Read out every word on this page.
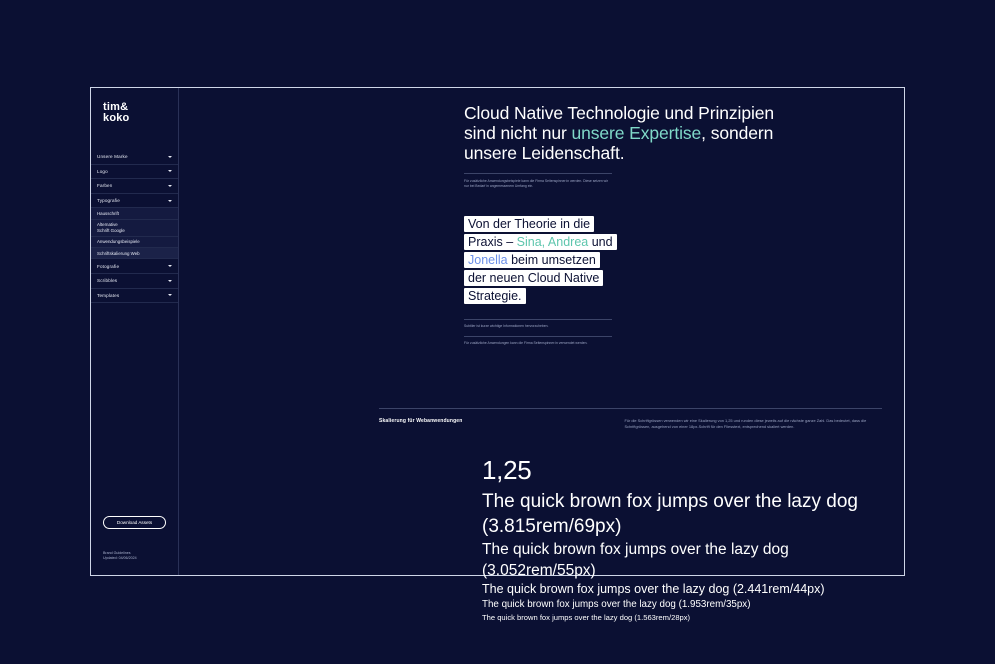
tim&
koko
Unsere Marke
Logo
Farben
Typografie
Hausschrift
Alternative
Schrift Google
Anwendungsbeispiele
Schriftskalierung Web
Fotografie
Scribbles
Templates
Download Assets
Brand Guidelines
Updated: 04/06/2024
Cloud Native Technologie und Prinzipien sind nicht nur unsere Expertise, sondern unsere Leidenschaft.
Für zusätzliche Anwendungsbeispiele kann die Firma Seitenspinner:in werden. Diese setzen wir nur bei Bedarf in angemessenem Umfang ein.
Von der Theorie in die
Praxis – Sina, Andrea und
Jonella beim umsetzen
der neuen Cloud Native
Strategie.

Subtiler ist kurze wichtige Informationen hervorzuheben.

Für zusätzliche Anwendungen kann die Firma Seitenspinner:in verwendet werden.

Skalierung für Webanwendungen	Für die Schriftgrössen verwenden wir eine Skalierung von 1,25 und runden diese jeweils auf die nächste ganze Zahl. Das bedeutet, dass die Schriftgrössen, ausgehend von einer 18px-Schrift für den Fliesstext, entsprechend skaliert werden.

1,25
The quick brown fox jumps over the lazy dog (3.815rem/69px)
The quick brown fox jumps over the lazy dog (3.052rem/55px)
The quick brown fox jumps over the lazy dog (2.441rem/44px)
The quick brown fox jumps over the lazy dog (1.953rem/35px)
The quick brown fox jumps over the lazy dog (1.563rem/28px)
